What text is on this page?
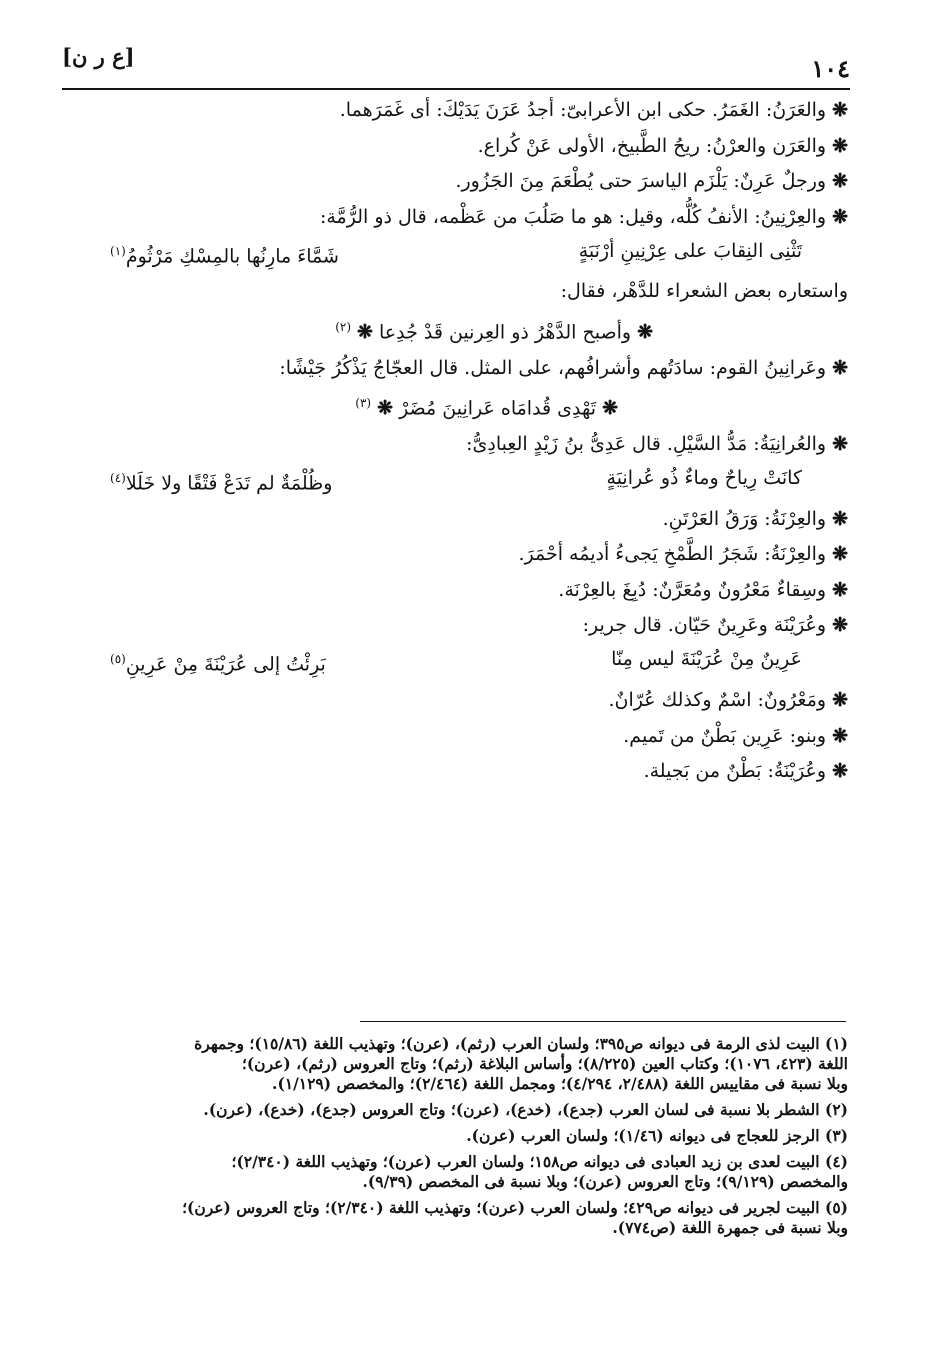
١٠٤
[ع ر ن]

❋والعَرَنُ: الغَمَرُ. حكى ابن الأعرابىّ: أجدُ عَرَنَ يَدَيْكَ: أى غَمَرَهما.

❋والعَرَن والعرْنُ: ريحُ الطَّبيخ، الأولى عَنْ كُراع.

❋ورجلٌ عَرِنٌ: يَلْزَم الياسرَ حتى يُطْعَمَ مِنَ الجَزُور.

❋والعِرْنِينُ: الأنفُ كُلُّه، وقيل: هو ما صَلُبَ من عَظْمه، قال ذو الرُّمَّة:

تَثْنِى النِقابَ على عِرْنِينِ أرْنَبَةٍ
شَمَّاءَ مارِنُها بالمِسْكِ مَرْثُومُ$^{(١)}$

واستعاره بعض الشعراء للدَّهْر، فقال:

❋وأصبح الدَّهْرُ ذو العِرنين قَدْ جُدِعا ❋$^{(٢)}$

❋وعَرانِينُ القوم: سادَتُهم وأشرافُهم، على المثل. قال العجّاجُ يَذْكُرُ جَيْشًا:

❋تَهْدِى قُدامَاه عَرانِينَ مُضَرْ ❋$^{(٣)}$

❋والعُرانِيَةُ: مَدُّ السَّيْلِ. قال عَدِىُّ بنُ زَيْدٍ العِبادِىُّ:

كانَتْ رِياحٌ وماءٌ ذُو عُرانِيَةٍ
وظُلْمَةٌ لم تَدَعْ فَتْقًا ولا خَلَلا$^{(٤)}$

❋والعِرْنَةُ: وَرَقُ العَرْتَنِ.

❋والعِرْنَةُ: شَجَرُ الطَّمْخِ يَجىءُ أديمُه أحْمَرَ.

❋وسِقاءٌ مَعْرُونٌ ومُعَرَّنٌ: دُبِغَ بالعِرْنَة.

❋وعُرَيْنَة وعَرِينٌ حَيّان. قال جرير:

عَرِينٌ مِنْ عُرَيْنَةَ ليس مِنّا
بَرِئْتُ إلى عُرَيْنَةَ مِنْ عَرِينِ$^{(٥)}$

❋ومَعْرُونٌ: اسْمٌ وكذلك عُرّانٌ.

❋وبنو: عَرِين بَطْنٌ من تَميم.

❋وعُرَيْنَةُ: بَطْنٌ من بَجيلة.

(١) البيت لذى الرمة فى ديوانه ص٣٩٥؛ ولسان العرب (رثم)، (عرن)؛ وتهذيب اللغة (١٥/٨٦)؛ وجمهرة
اللغة (٤٢٣، ١٠٧٦)؛ وكتاب العين (٨/٢٢٥)؛ وأساس البلاغة (رثم)؛ وتاج العروس (رثم)، (عرن)؛
وبلا نسبة فى مقاييس اللغة (٢/٤٨٨، ٤/٢٩٤)؛ ومجمل اللغة (٢/٤٦٤)؛ والمخصص (١/١٢٩).

(٢) الشطر بلا نسبة فى لسان العرب (جدع)، (خدع)، (عرن)؛ وتاج العروس (جدع)، (خدع)، (عرن).

(٣) الرجز للعجاج فى ديوانه (١/٤٦)؛ ولسان العرب (عرن).

(٤) البيت لعدى بن زيد العبادى فى ديوانه ص١٥٨؛ ولسان العرب (عرن)؛ وتهذيب اللغة (٢/٣٤٠)؛
والمخصص (٩/١٢٩)؛ وتاج العروس (عرن)؛ وبلا نسبة فى المخصص (٩/٣٩).

(٥) البيت لجرير فى ديوانه ص٤٢٩؛ ولسان العرب (عرن)؛ وتهذيب اللغة (٢/٣٤٠)؛ وتاج العروس (عرن)؛
وبلا نسبة فى جمهرة اللغة (ص٧٧٤).
